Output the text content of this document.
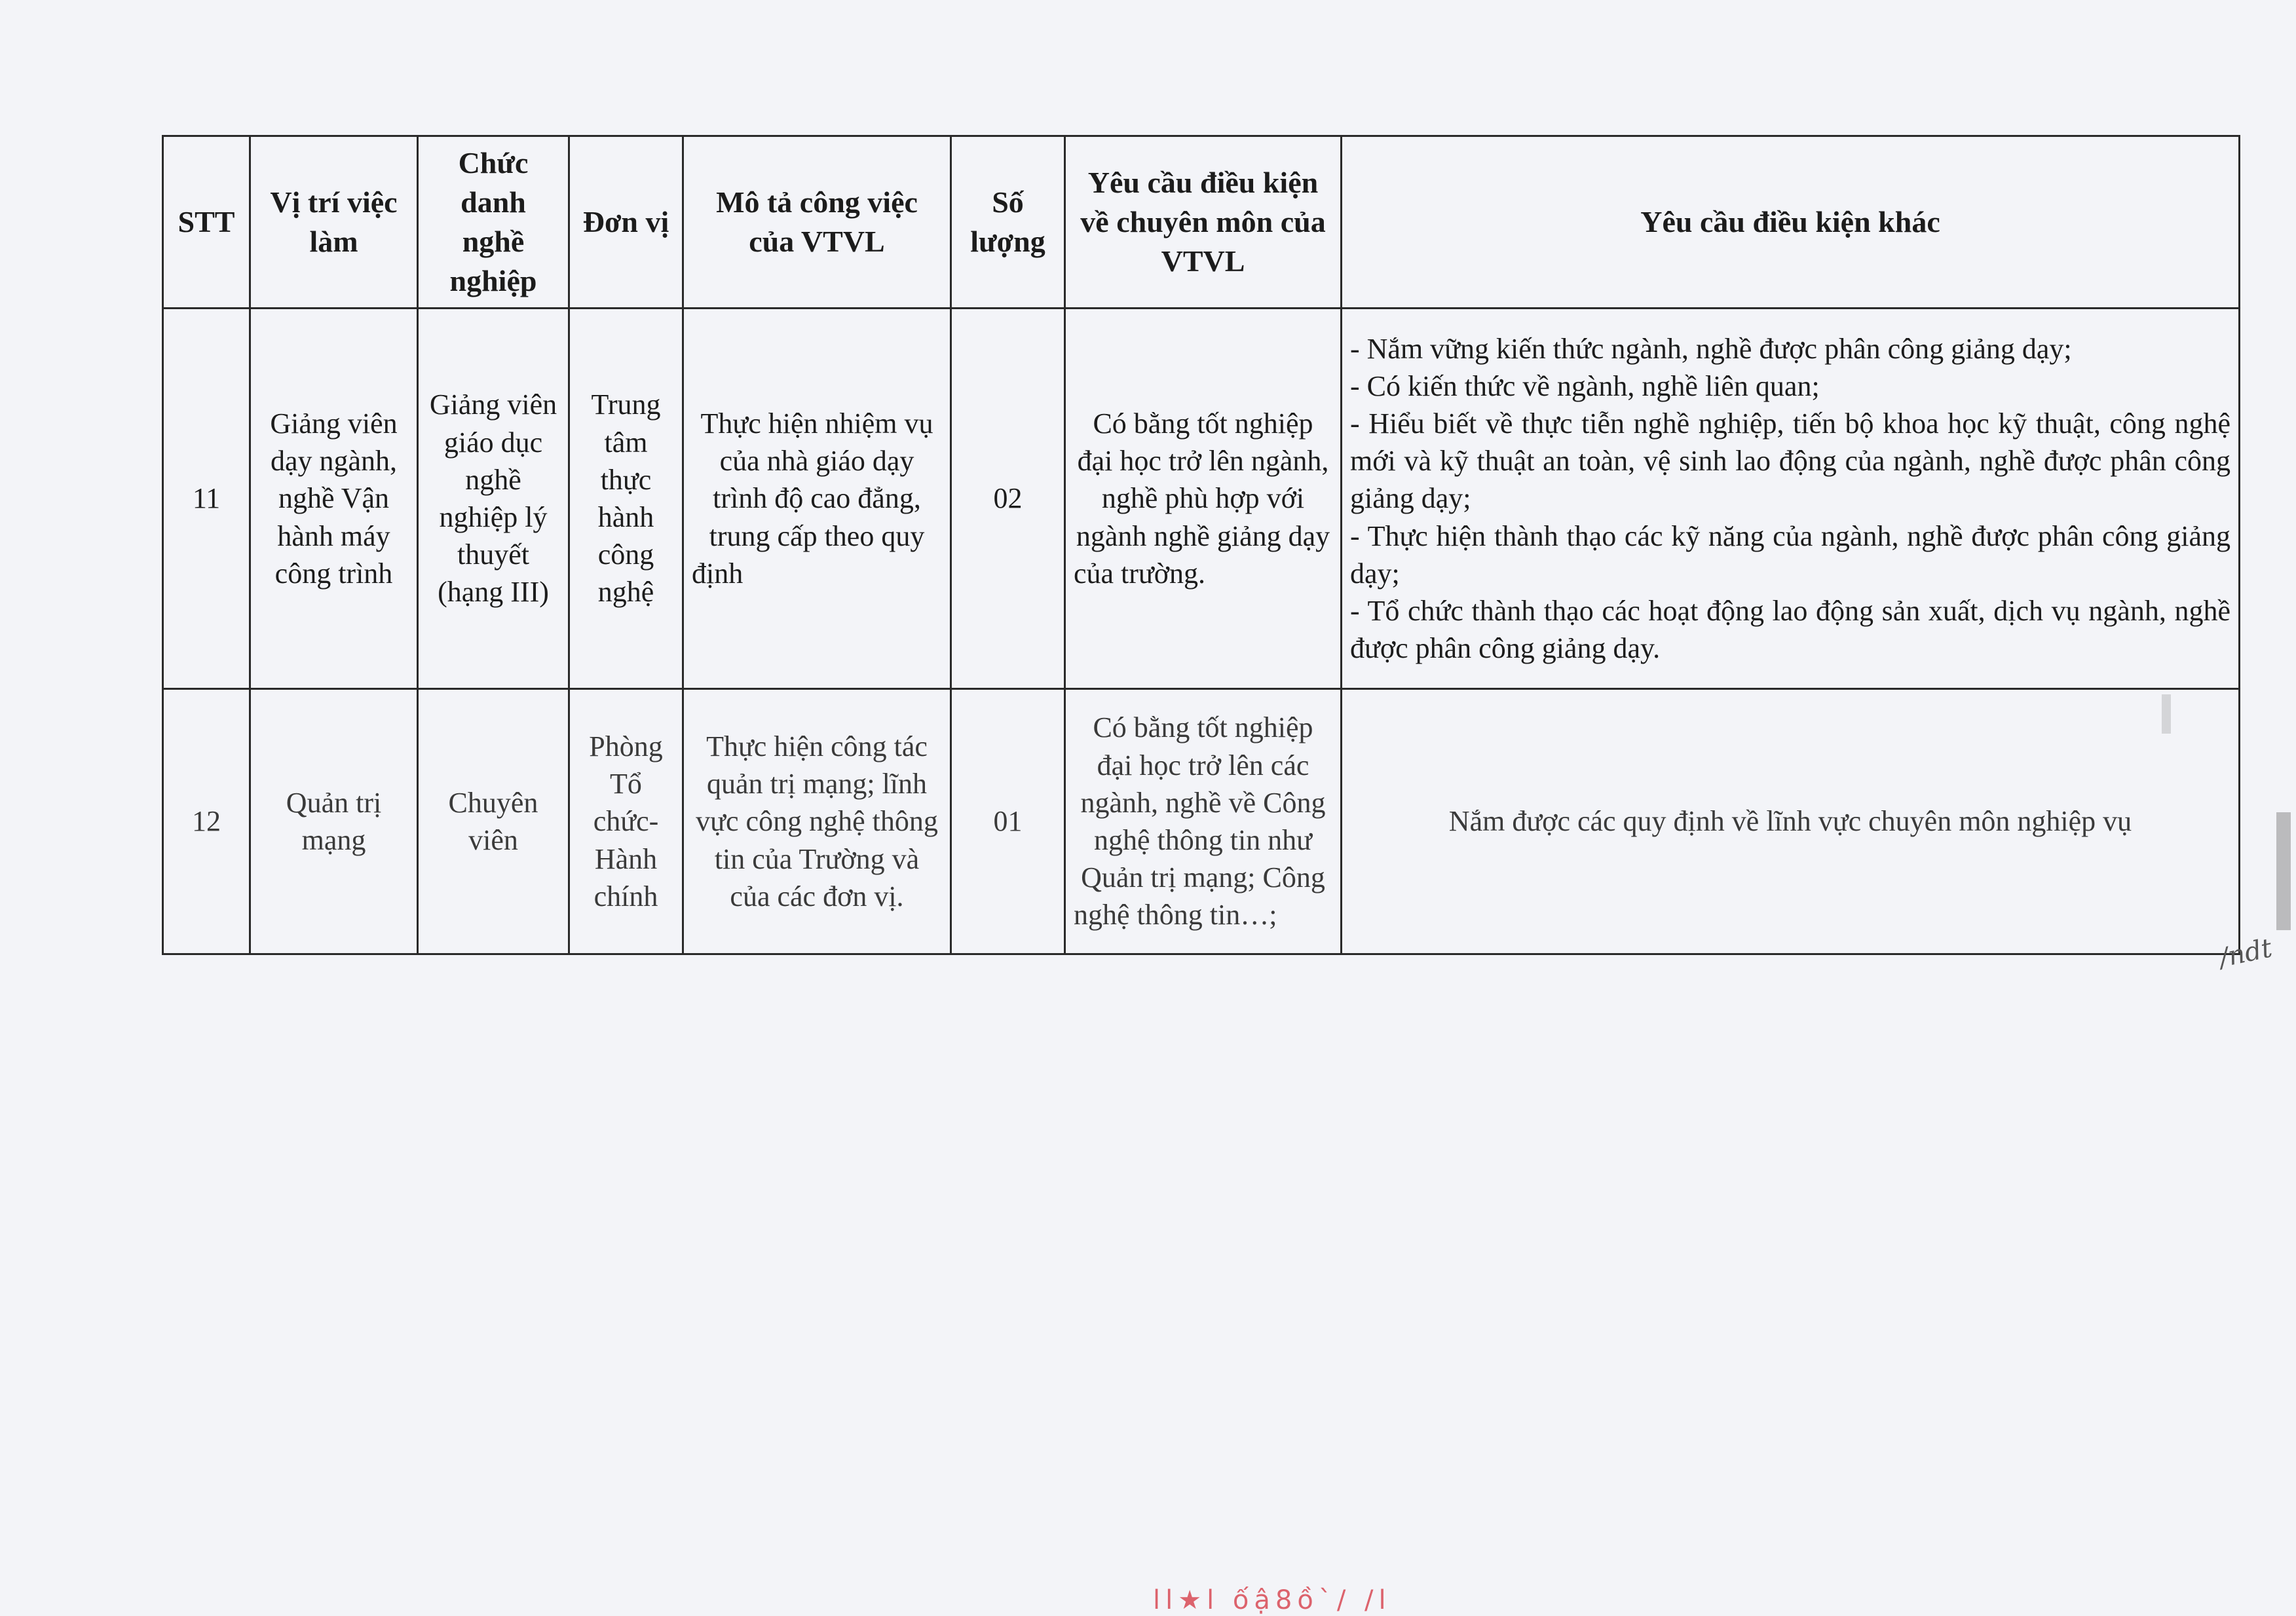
STT	Vị trí việc làm	Chức danh nghề nghiệp	Đơn vị	Mô tả công việc của VTVL	Số lượng	Yêu cầu điều kiện về chuyên môn của VTVL	Yêu cầu điều kiện khác
11	Giảng viên dạy ngành, nghề Vận hành máy công trình	Giảng viên giáo dục nghề nghiệp lý thuyết (hạng III)	Trung tâm thực hành công nghệ	Thực hiện nhiệm vụ của nhà giáo dạy trình độ cao đẳng, trung cấp theo quy định	02	Có bằng tốt nghiệp đại học trở lên ngành, nghề phù hợp với ngành nghề giảng dạy của trường.	- Nắm vững kiến thức ngành, nghề được phân công giảng dạy;
- Có kiến thức về ngành, nghề liên quan;
- Hiểu biết về thực tiễn nghề nghiệp, tiến bộ khoa học kỹ thuật, công nghệ mới và kỹ thuật an toàn, vệ sinh lao động của ngành, nghề được phân công giảng dạy;
- Thực hiện thành thạo các kỹ năng của ngành, nghề được phân công giảng dạy;
- Tổ chức thành thạo các hoạt động lao động sản xuất, dịch vụ ngành, nghề được phân công giảng dạy.

12	Quản trị mạng	Chuyên viên	Phòng Tổ chức-Hành chính	Thực hiện công tác quản trị mạng; lĩnh vực công nghệ thông tin của Trường và của các đơn vị.	01	Có bằng tốt nghiệp đại học trở lên các ngành, nghề về Công nghệ thông tin như Quản trị mạng; Công nghệ thông tin…;	Nắm được các quy định về lĩnh vực chuyên môn nghiệp vụ
/ndt
ll★l ốậ8ồ`/ /l
